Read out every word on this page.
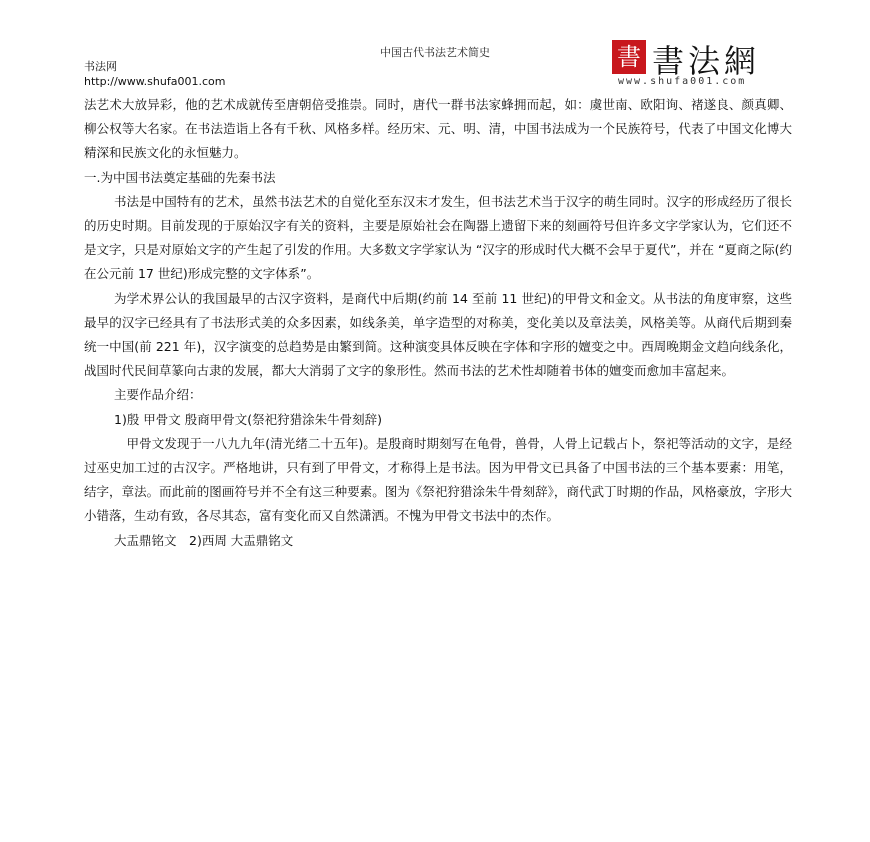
中国古代书法艺术简史
书法网
http://www.shufa001.com
書 書法網
www.shufa001.com

法艺术大放异彩，他的艺术成就传至唐朝倍受推崇。同时，唐代一群书法家蜂拥而起，如：虞世南、欧阳询、褚遂良、颜真卿、柳公权等大名家。在书法造诣上各有千秋、风格多样。经历宋、元、明、清，中国书法成为一个民族符号，代表了中国文化博大精深和民族文化的永恒魅力。

一.为中国书法奠定基础的先秦书法

书法是中国特有的艺术，虽然书法艺术的自觉化至东汉末才发生，但书法艺术当于汉字的萌生同时。汉字的形成经历了很长的历史时期。目前发现的于原始汉字有关的资料，主要是原始社会在陶器上遗留下来的刻画符号但许多文字学家认为，它们还不是文字，只是对原始文字的产生起了引发的作用。大多数文字学家认为 “汉字的形成时代大概不会早于夏代”，并在 “夏商之际(约在公元前 17 世纪)形成完整的文字体系”。

为学术界公认的我国最早的古汉字资料，是商代中后期(约前 14 至前 11 世纪)的甲骨文和金文。从书法的角度审察，这些最早的汉字已经具有了书法形式美的众多因素，如线条美，单字造型的对称美，变化美以及章法美，风格美等。从商代后期到秦统一中国(前 221 年)，汉字演变的总趋势是由繁到简。这种演变具体反映在字体和字形的嬗变之中。西周晚期金文趋向线条化，战国时代民间草篆向古隶的发展，都大大消弱了文字的象形性。然而书法的艺术性却随着书体的嬗变而愈加丰富起来。

主要作品介绍：

1)殷 甲骨文 殷商甲骨文(祭祀狩猎涂朱牛骨刻辞)

甲骨文发现于一八九九年(清光绪二十五年)。是殷商时期刻写在龟骨，兽骨，人骨上记载占卜，祭祀等活动的文字，是经过巫史加工过的古汉字。严格地讲，只有到了甲骨文，才称得上是书法。因为甲骨文已具备了中国书法的三个基本要素：用笔，结字，章法。而此前的图画符号并不全有这三种要素。图为《祭祀狩猎涂朱牛骨刻辞》，商代武丁时期的作品，风格豪放，字形大小错落，生动有致，各尽其态，富有变化而又自然潇洒。不愧为甲骨文书法中的杰作。

大盂鼎铭文　2)西周 大盂鼎铭文
